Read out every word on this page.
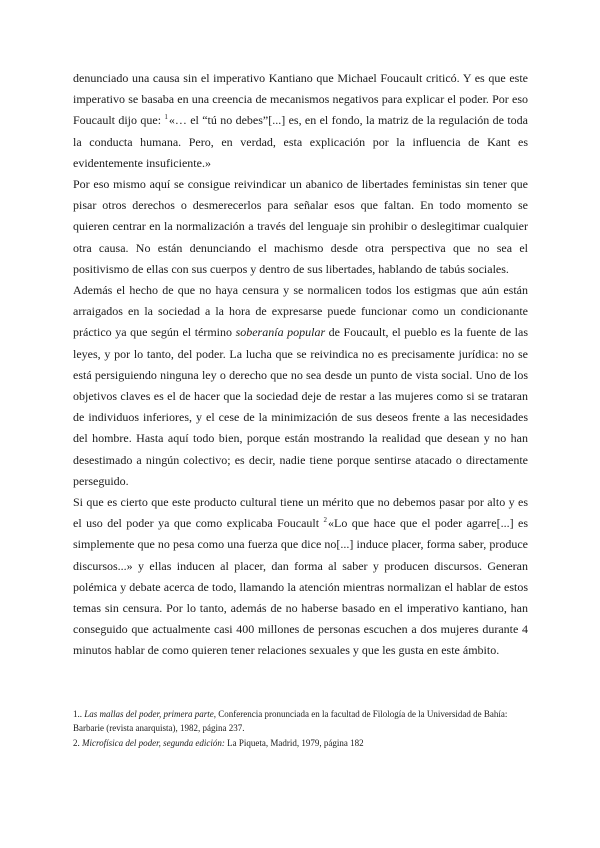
denunciado una causa sin el imperativo Kantiano que Michael Foucault criticó. Y es que este imperativo se basaba en una creencia de mecanismos negativos para explicar el poder. Por eso Foucault dijo que: $^1$«… el “tú no debes”[...] es, en el fondo, la matriz de la regulación de toda la conducta humana. Pero, en verdad, esta explicación por la influencia de Kant es evidentemente insuficiente.»

Por eso mismo aquí se consigue reivindicar un abanico de libertades feministas sin tener que pisar otros derechos o desmerecerlos para señalar esos que faltan. En todo momento se quieren centrar en la normalización a través del lenguaje sin prohibir o deslegitimar cualquier otra causa. No están denunciando el machismo desde otra perspectiva que no sea el positivismo de ellas con sus cuerpos y dentro de sus libertades, hablando de tabús sociales.

Además el hecho de que no haya censura y se normalicen todos los estigmas que aún están arraigados en la sociedad a la hora de expresarse puede funcionar como un condicionante práctico ya que según el término soberanía popular de Foucault, el pueblo es la fuente de las leyes, y por lo tanto, del poder. La lucha que se reivindica no es precisamente jurídica: no se está persiguiendo ninguna ley o derecho que no sea desde un punto de vista social. Uno de los objetivos claves es el de hacer que la sociedad deje de restar a las mujeres como si se trataran de individuos inferiores, y el cese de la minimización de sus deseos frente a las necesidades del hombre. Hasta aquí todo bien, porque están mostrando la realidad que desean y no han desestimado a ningún colectivo; es decir, nadie tiene porque sentirse atacado o directamente perseguido.

Si que es cierto que este producto cultural tiene un mérito que no debemos pasar por alto y es el uso del poder ya que como explicaba Foucault $^2$«Lo que hace que el poder agarre[...] es simplemente que no pesa como una fuerza que dice no[...] induce placer, forma saber, produce discursos...» y ellas inducen al placer, dan forma al saber y producen discursos. Generan polémica y debate acerca de todo, llamando la atención mientras normalizan el hablar de estos temas sin censura. Por lo tanto, además de no haberse basado en el imperativo kantiano, han conseguido que actualmente casi 400 millones de personas escuchen a dos mujeres durante 4 minutos hablar de como quieren tener relaciones sexuales y que les gusta en este ámbito.

1.. Las mallas del poder, primera parte, Conferencia pronunciada en la facultad de Filología de la Universidad de Bahía: Barbarie (revista anarquista), 1982, página 237.

2. Microfísica del poder, segunda edición: La Piqueta, Madrid, 1979, página 182
